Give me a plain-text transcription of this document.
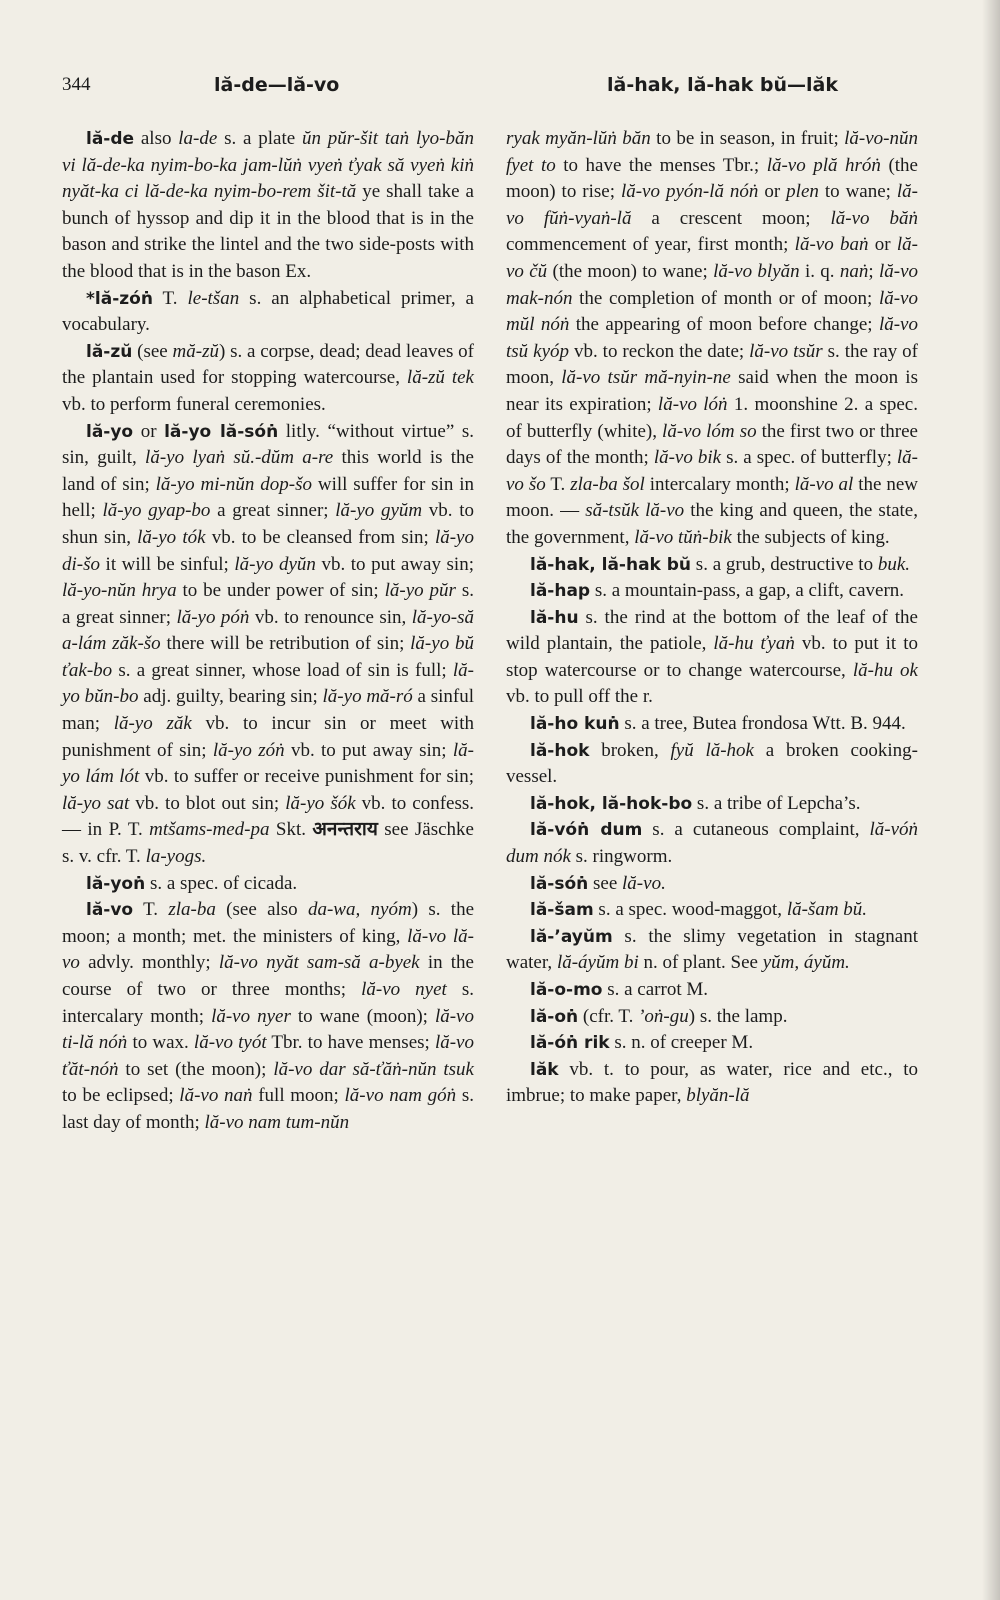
344	lă-de—lă-vo	lă-hak, lă-hak bŭ—lăk

lă-de also la-de s. a plate ŭn pŭr-šit taṅ lyo-băn vi lă-de-ka nyim-bo-ka jam-lŭṅ vyeṅ ťyak să vyeṅ kiṅ nyăt-ka ci lă-de-ka nyim-bo-rem šit-tă ye shall take a bunch of hyssop and dip it in the blood that is in the bason and strike the lintel and the two side-posts with the blood that is in the bason Ex.

*lă-zóṅ T. le-tšan s. an alphabetical primer, a vocabulary.

lă-zŭ (see mă-zŭ) s. a corpse, dead; dead leaves of the plantain used for stopping watercourse, lă-zŭ tek vb. to perform funeral ceremonies.

lă-yo or lă-yo lă-sóṅ litly. “without virtue” s. sin, guilt, lă-yo lyaṅ sŭ.-dŭm a-re this world is the land of sin; lă-yo mi-nŭn dop-šo will suffer for sin in hell; lă-yo gyap-bo a great sinner; lă-yo gyŭm vb. to shun sin, lă-yo tók vb. to be cleansed from sin; lă-yo di-šo it will be sinful; lă-yo dyŭn vb. to put away sin; lă-yo-nŭn hrya to be under power of sin; lă-yo pŭr s. a great sinner; lă-yo póṅ vb. to renounce sin, lă-yo-să a-lám zăk-šo there will be retribution of sin; lă-yo bŭ ťak-bo s. a great sinner, whose load of sin is full; lă-yo bŭn-bo adj. guilty, bearing sin; lă-yo mă-ró a sinful man; lă-yo zăk vb. to incur sin or meet with punishment of sin; lă-yo zóṅ vb. to put away sin; lă-yo lám lót vb. to suffer or receive punishment for sin; lă-yo sat vb. to blot out sin; lă-yo šók vb. to confess. — in P. T. mtšams-med-pa Skt. अनन्तराय see Jäschke s. v. cfr. T. la-yogs.

lă-yoṅ s. a spec. of cicada.

lă-vo T. zla-ba (see also da-wa, nyóm) s. the moon; a month; met. the ministers of king, lă-vo lă-vo advly. monthly; lă-vo nyăt sam-să a-byek in the course of two or three months; lă-vo nyet s. intercalary month; lă-vo nyer to wane (moon); lă-vo ti-lă nóṅ to wax. lă-vo tyót Tbr. to have menses; lă-vo ťăt-nóṅ to set (the moon); lă-vo dar să-ťăṅ-nŭn tsuk to be eclipsed; lă-vo naṅ full moon; lă-vo nam góṅ s. last day of month; lă-vo nam tum-nŭn

ryak myăn-lŭṅ băn to be in season, in fruit; lă-vo-nŭn fyet to to have the menses Tbr.; lă-vo plă hróṅ (the moon) to rise; lă-vo pyón-lă nóṅ or plen to wane; lă-vo fŭṅ-vyaṅ-lă a crescent moon; lă-vo băṅ commencement of year, first month; lă-vo baṅ or lă-vo čŭ (the moon) to wane; lă-vo blyăn i. q. naṅ; lă-vo mak-nón the completion of month or of moon; lă-vo mŭl nóṅ the appearing of moon before change; lă-vo tsŭ kyóp vb. to reckon the date; lă-vo tsŭr s. the ray of moon, lă-vo tsŭr mă-nyin-ne said when the moon is near its expiration; lă-vo lóṅ 1. moonshine 2. a spec. of butterfly (white), lă-vo lóm so the first two or three days of the month; lă-vo bik s. a spec. of butterfly; lă-vo šo T. zla-ba šol intercalary month; lă-vo al the new moon. — să-tsŭk lă-vo the king and queen, the state, the government, lă-vo tŭṅ-bik the subjects of king.

lă-hak, lă-hak bŭ s. a grub, destructive to buk.

lă-hap s. a mountain-pass, a gap, a clift, cavern.

lă-hu s. the rind at the bottom of the leaf of the wild plantain, the patiole, lă-hu ťyaṅ vb. to put it to stop watercourse or to change watercourse, lă-hu ok vb. to pull off the r.

lă-ho kuṅ s. a tree, Butea frondosa Wtt. B. 944.

lă-hok broken, fyŭ lă-hok a broken cooking-vessel.

lă-hok, lă-hok-bo s. a tribe of Lepcha’s.

lă-vóṅ dum s. a cutaneous complaint, lă-vóṅ dum nók s. ringworm.

lă-sóṅ see lă-vo.

lă-šam s. a spec. wood-maggot, lă-šam bŭ.

lă-’ayŭm s. the slimy vegetation in stagnant water, lă-áyŭm bi n. of plant. See yŭm, áyŭm.

lă-o-mo s. a carrot M.

lă-oṅ (cfr. T. ’oṅ-gu) s. the lamp.

lă-óṅ rik s. n. of creeper M.

lăk vb. t. to pour, as water, rice and etc., to imbrue; to make paper, blyăn-lă
